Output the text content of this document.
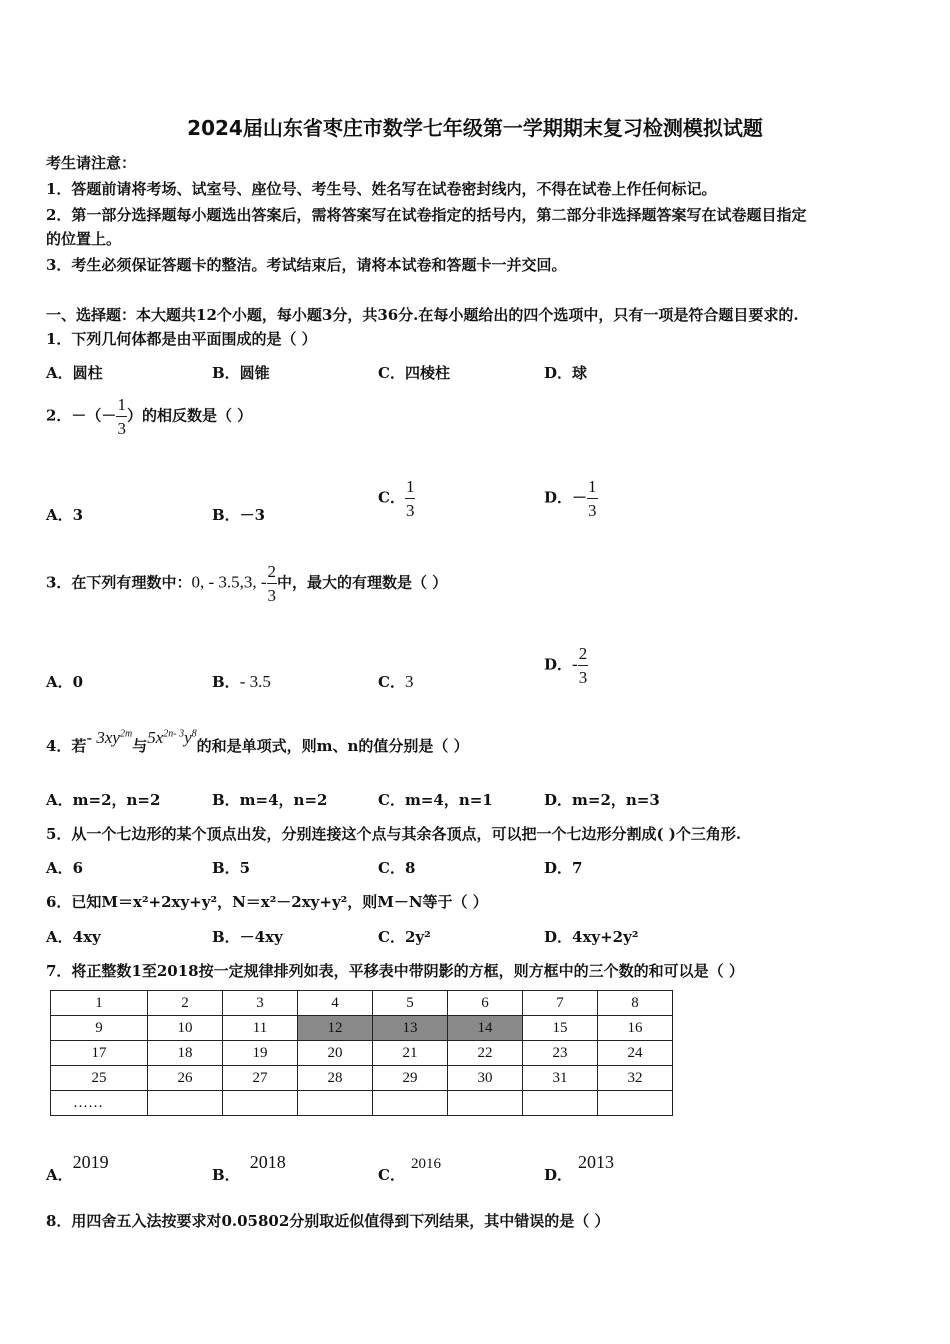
2024届山东省枣庄市数学七年级第一学期期末复习检测模拟试题
考生请注意：
1．答题前请将考场、试室号、座位号、考生号、姓名写在试卷密封线内，不得在试卷上作任何标记。
2．第一部分选择题每小题选出答案后，需将答案写在试卷指定的括号内，第二部分非选择题答案写在试卷题目指定
的位置上。
3．考生必须保证答题卡的整洁。考试结束后，请将本试卷和答题卡一并交回。
一、选择题：本大题共12个小题，每小题3分，共36分.在每小题给出的四个选项中，只有一项是符合题目要求的.
1．下列几何体都是由平面围成的是（ ）
A．圆柱	B．圆锥	C．四棱柱	D．球
2．－（－ $\frac{1}{3}$ ）的相反数是（ ）
A．3	B．－3
C． $\frac{1}{3}$	D．－ $\frac{1}{3}$
3．在下列有理数中：0, - 3.5,3, - $\frac{2}{3}$ 中，最大的有理数是（ ）
A．0	B．- 3.5	C．3
D．- $\frac{2}{3}$
4．若- $3xy^{2m}$与$5x^{2n- 3}y^8$的和是单项式，则m、n的值分别是（ ）
A．m=2，n=2	B．m=4，n=2	C．m=4，n=1	D．m=2，n=3
5．从一个七边形的某个顶点出发，分别连接这个点与其余各顶点，可以把一个七边形分割成( )个三角形.
A．6	B．5	C．8	D．7
6．已知M＝x²+2xy+y²，N＝x²－2xy+y²，则M－N等于（ ）
A．4xy	B．－4xy	C．2y²	D．4xy+2y²
7．将正整数1至2018按一定规律排列如表，平移表中带阴影的方框，则方框中的三个数的和可以是（ ）
1	2	3	4	5	6	7	8
9	10	11	12	13	14	15	16
17	18	19	20	21	22	23	24
25	26	27	28	29	30	31	32
……							
A．2019
B．2018
C．2016
D．2013
8．用四舍五入法按要求对0.05802分别取近似值得到下列结果，其中错误的是（ ）
